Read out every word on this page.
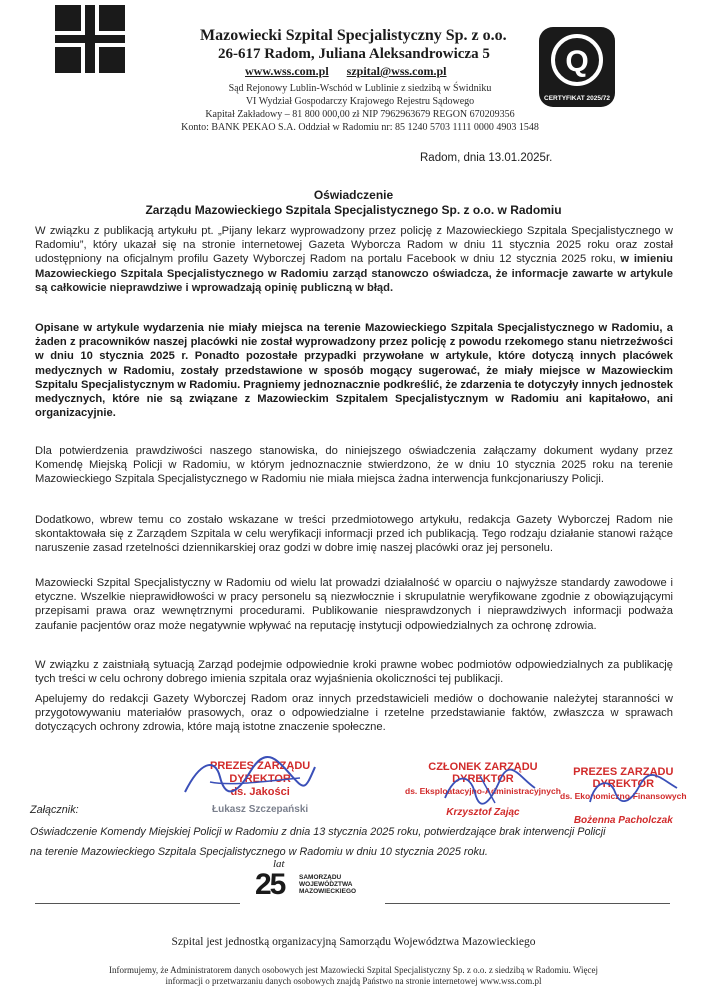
Mazowiecki Szpital Specjalistyczny Sp. z o.o.
26-617 Radom, Juliana Aleksandrowicza 5
www.wss.com.pl szpital@wss.com.pl	Q
CERTYFIKAT 2025/72
Sąd Rejonowy Lublin-Wschód w Lublinie z siedzibą w Świdniku
VI Wydział Gospodarczy Krajowego Rejestru Sądowego
Kapitał Zakładowy – 81 800 000,00 zł NIP 7962963679 REGON 670209356
Konto: BANK PEKAO S.A. Oddział w Radomiu nr: 85 1240 5703 1111 0000 4903 1548
Radom, dnia 13.01.2025r.
Oświadczenie
Zarządu Mazowieckiego Szpitala Specjalistycznego Sp. z o.o. w Radomiu

W związku z publikacją artykułu pt. „Pijany lekarz wyprowadzony przez policję z Mazowieckiego Szpitala Specjalistycznego w Radomiu”, który ukazał się na stronie internetowej Gazeta Wyborcza Radom w dniu 11 stycznia 2025 roku oraz został udostępniony na oficjalnym profilu Gazety Wyborczej Radom na portalu Facebook w dniu 12 stycznia 2025 roku, w imieniu Mazowieckiego Szpitala Specjalistycznego w Radomiu zarząd stanowczo oświadcza, że informacje zawarte w artykule są całkowicie nieprawdziwe i wprowadzają opinię publiczną w błąd.

Opisane w artykule wydarzenia nie miały miejsca na terenie Mazowieckiego Szpitala Specjalistycznego w Radomiu, a żaden z pracowników naszej placówki nie został wyprowadzony przez policję z powodu rzekomego stanu nietrzeźwości w dniu 10 stycznia 2025 r. Ponadto pozostałe przypadki przywołane w artykule, które dotyczą innych placówek medycznych w Radomiu, zostały przedstawione w sposób mogący sugerować, że miały miejsce w Mazowieckim Szpitalu Specjalistycznym w Radomiu. Pragniemy jednoznacznie podkreślić, że zdarzenia te dotyczyły innych jednostek medycznych, które nie są związane z Mazowieckim Szpitalem Specjalistycznym w Radomiu ani kapitałowo, ani organizacyjnie.

Dla potwierdzenia prawdziwości naszego stanowiska, do niniejszego oświadczenia załączamy dokument wydany przez Komendę Miejską Policji w Radomiu, w którym jednoznacznie stwierdzono, że w dniu 10 stycznia 2025 roku na terenie Mazowieckiego Szpitala Specjalistycznego w Radomiu nie miała miejsca żadna interwencja funkcjonariuszy Policji.

Dodatkowo, wbrew temu co zostało wskazane w treści przedmiotowego artykułu, redakcja Gazety Wyborczej Radom nie skontaktowała się z Zarządem Szpitala w celu weryfikacji informacji przed ich publikacją. Tego rodzaju działanie stanowi rażące naruszenie zasad rzetelności dziennikarskiej oraz godzi w dobre imię naszej placówki oraz jej personelu.

Mazowiecki Szpital Specjalistyczny w Radomiu od wielu lat prowadzi działalność w oparciu o najwyższe standardy zawodowe i etyczne. Wszelkie nieprawidłowości w pracy personelu są niezwłocznie i skrupulatnie weryfikowane zgodnie z obowiązującymi przepisami prawa oraz wewnętrznymi procedurami. Publikowanie niesprawdzonych i nieprawdziwych informacji podważa zaufanie pacjentów oraz może negatywnie wpływać na reputację instytucji odpowiedzialnych za ochronę zdrowia.

W związku z zaistniałą sytuacją Zarząd podejmie odpowiednie kroki prawne wobec podmiotów odpowiedzialnych za publikację tych treści w celu ochrony dobrego imienia szpitala oraz wyjaśnienia okoliczności tej publikacji.

Apelujemy do redakcji Gazety Wyborczej Radom oraz innych przedstawicieli mediów o dochowanie należytej staranności w przygotowywaniu materiałów prasowych, oraz o odpowiedzialne i rzetelne przedstawianie faktów, zwłaszcza w sprawach dotyczących ochrony zdrowia, które mają istotne znaczenie społeczne.

PREZES ZARZĄDU
DYREKTOR
ds. Jakości
Łukasz Szczepański
CZŁONEK ZARZĄDU
DYREKTOR
ds. Eksploatacyjno-Administracyjnych
Krzysztof Zając
PREZES ZARZĄDU
DYREKTOR
ds. Ekonomiczno-Finansowych
Bożenna Pacholczak
Załącznik:
Oświadczenie Komendy Miejskiej Policji w Radomiu z dnia 13 stycznia 2025 roku, potwierdzające brak interwencji Policji
na terenie Mazowieckiego Szpitala Specjalistycznego w Radomiu w dniu 10 stycznia 2025 roku.
lat
25 SAMORZĄDU
WOJEWÓDZTWA
MAZOWIECKIEGO
Szpital jest jednostką organizacyjną Samorządu Województwa Mazowieckiego
Informujemy, że Administratorem danych osobowych jest Mazowiecki Szpital Specjalistyczny Sp. z o.o. z siedzibą w Radomiu. Więcej informacji o przetwarzaniu danych osobowych znajdą Państwo na stronie internetowej www.wss.com.pl
